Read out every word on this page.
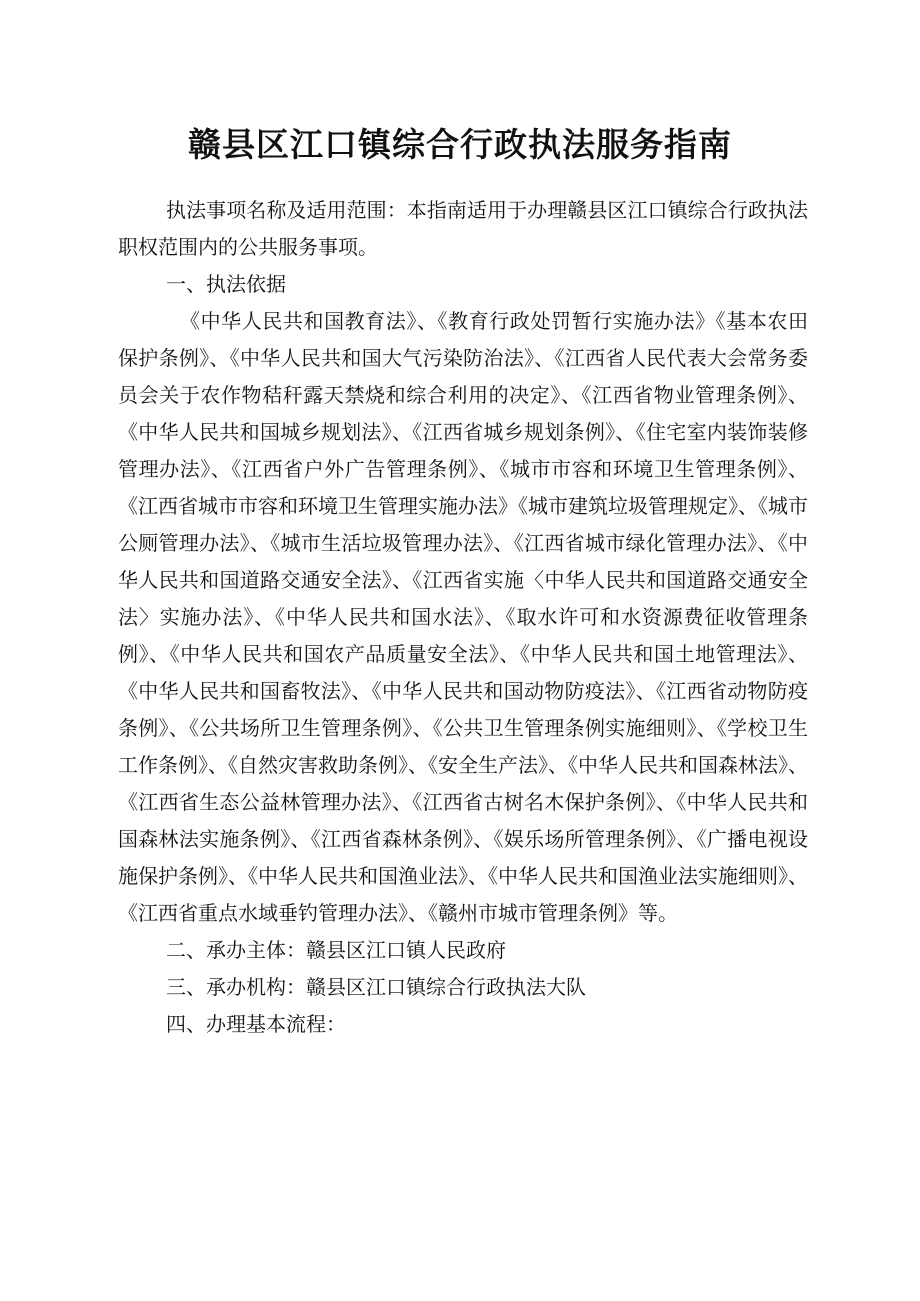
赣县区江口镇综合行政执法服务指南

执法事项名称及适用范围：本指南适用于办理赣县区江口镇综合行政执法职权范围内的公共服务事项。

一、执法依据

《中华人民共和国教育法》、《教育行政处罚暂行实施办法》《基本农田保护条例》、《中华人民共和国大气污染防治法》、《江西省人民代表大会常务委员会关于农作物秸秆露天禁烧和综合利用的决定》、《江西省物业管理条例》、《中华人民共和国城乡规划法》、《江西省城乡规划条例》、《住宅室内装饰装修管理办法》、《江西省户外广告管理条例》、《城市市容和环境卫生管理条例》、《江西省城市市容和环境卫生管理实施办法》《城市建筑垃圾管理规定》、《城市公厕管理办法》、《城市生活垃圾管理办法》、《江西省城市绿化管理办法》、《中华人民共和国道路交通安全法》、《江西省实施〈中华人民共和国道路交通安全法〉实施办法》、《中华人民共和国水法》、《取水许可和水资源费征收管理条例》、《中华人民共和国农产品质量安全法》、《中华人民共和国土地管理法》、《中华人民共和国畜牧法》、《中华人民共和国动物防疫法》、《江西省动物防疫条例》、《公共场所卫生管理条例》、《公共卫生管理条例实施细则》、《学校卫生工作条例》、《自然灾害救助条例》、《安全生产法》、《中华人民共和国森林法》、《江西省生态公益林管理办法》、《江西省古树名木保护条例》、《中华人民共和国森林法实施条例》、《江西省森林条例》、《娱乐场所管理条例》、《广播电视设施保护条例》、《中华人民共和国渔业法》、《中华人民共和国渔业法实施细则》、《江西省重点水域垂钓管理办法》、《赣州市城市管理条例》等。

二、承办主体：赣县区江口镇人民政府

三、承办机构：赣县区江口镇综合行政执法大队

四、办理基本流程：
